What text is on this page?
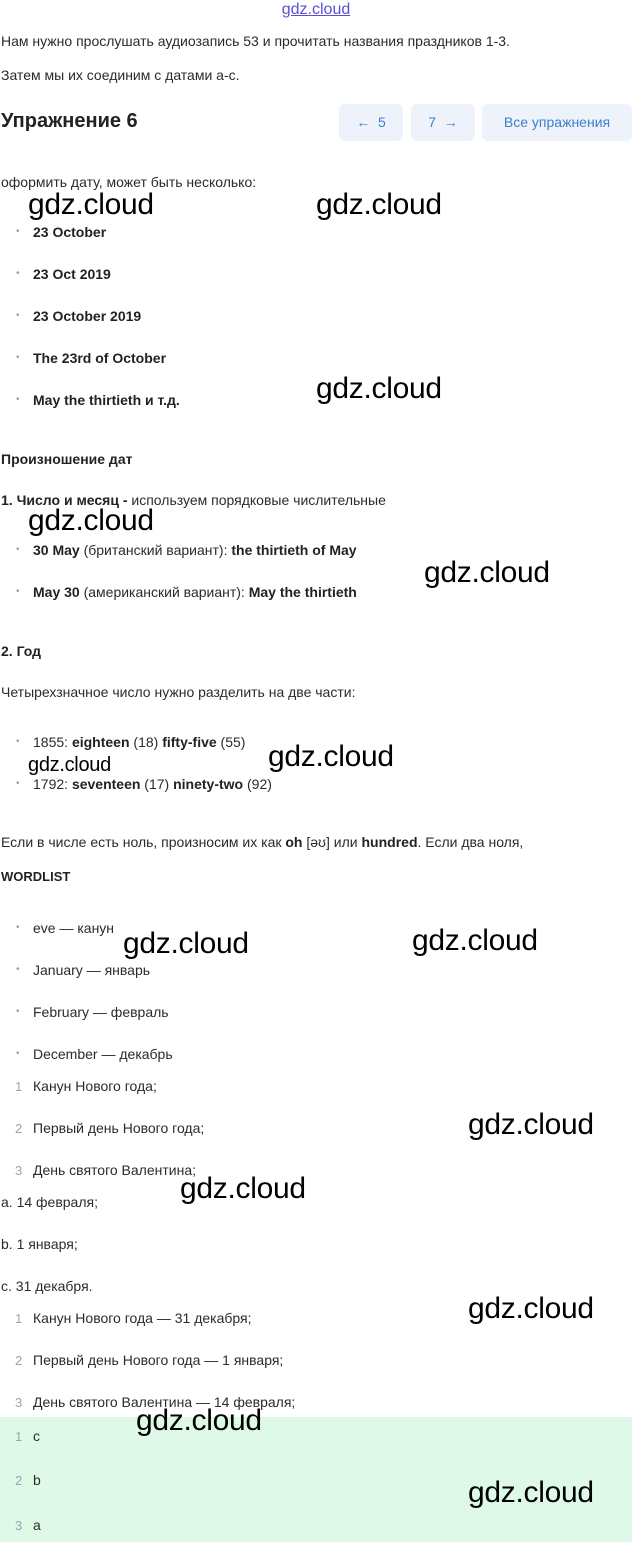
gdz.cloud
Нам нужно прослушать аудиозапись 53 и прочитать названия праздников 1-3.
Затем мы их соединим с датами a-c.
Упражнение 6	← 5	7 →	Все упражнения
оформить дату, может быть несколько:
• 23 October
• 23 Oct 2019
• 23 October 2019
• The 23rd of October
• May the thirtieth и т.д.
Произношение дат
1. Число и месяц - используем порядковые числительные
• 30 May (британский вариант): the thirtieth of May
• May 30 (американский вариант): May the thirtieth
2. Год
Четырехзначное число нужно разделить на две части:
• 1855: eighteen (18) fifty-five (55)
• 1792: seventeen (17) ninety-two (92)
Если в числе есть ноль, произносим их как oh [əʊ] или hundred. Если два ноля,
WORDLIST
• eve — канун
• January — январь
• February — февраль
• December — декабрь
1 Канун Нового года;
2 Первый день Нового года;
3 День святого Валентина;
a. 14 февраля;
b. 1 января;
c. 31 декабря.
1 Канун Нового года — 31 декабря;
2 Первый день Нового года — 1 января;
3 День святого Валентина — 14 февраля;
1 c
2 b
3 a
gdz.cloud	gdz.cloud
gdz.cloud
gdz.cloud
gdz.cloud
gdz.cloud
gdz.cloud
gdz.cloud	gdz.cloud
gdz.cloud
gdz.cloud
gdz.cloud
gdz.cloud
gdz.cloud
